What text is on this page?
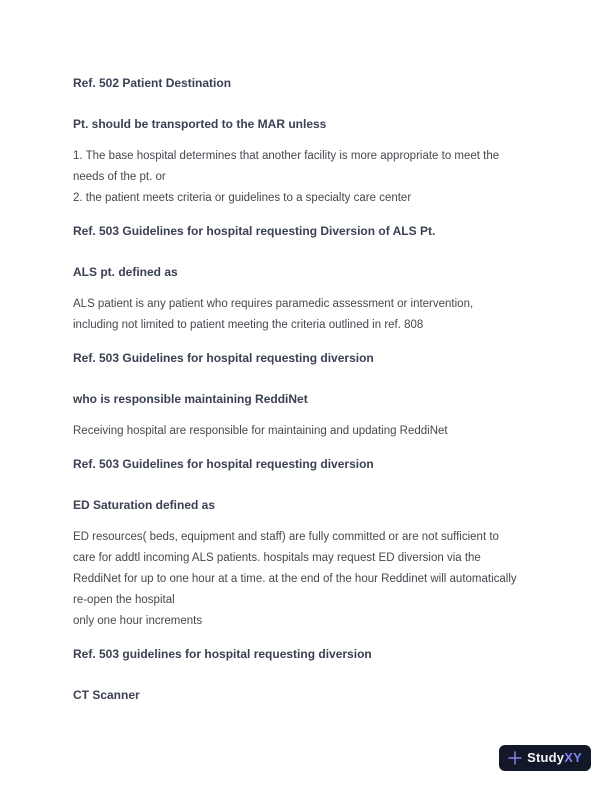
Ref. 502 Patient Destination
Pt. should be transported to the MAR unless
1. The base hospital determines that another facility is more appropriate to meet the
needs of the pt. or
2. the patient meets criteria or guidelines to a specialty care center
Ref. 503 Guidelines for hospital requesting Diversion of ALS Pt.
ALS pt. defined as
ALS patient is any patient who requires paramedic assessment or intervention,
including not limited to patient meeting the criteria outlined in ref. 808
Ref. 503 Guidelines for hospital requesting diversion
who is responsible maintaining ReddiNet
Receiving hospital are responsible for maintaining and updating ReddiNet
Ref. 503 Guidelines for hospital requesting diversion
ED Saturation defined as
ED resources( beds, equipment and staff) are fully committed or are not sufficient to
care for addtl incoming ALS patients. hospitals may request ED diversion via the
ReddiNet for up to one hour at a time. at the end of the hour Reddinet will automatically
re-open the hospital
only one hour increments
Ref. 503 guidelines for hospital requesting diversion
CT Scanner
StudyXY
